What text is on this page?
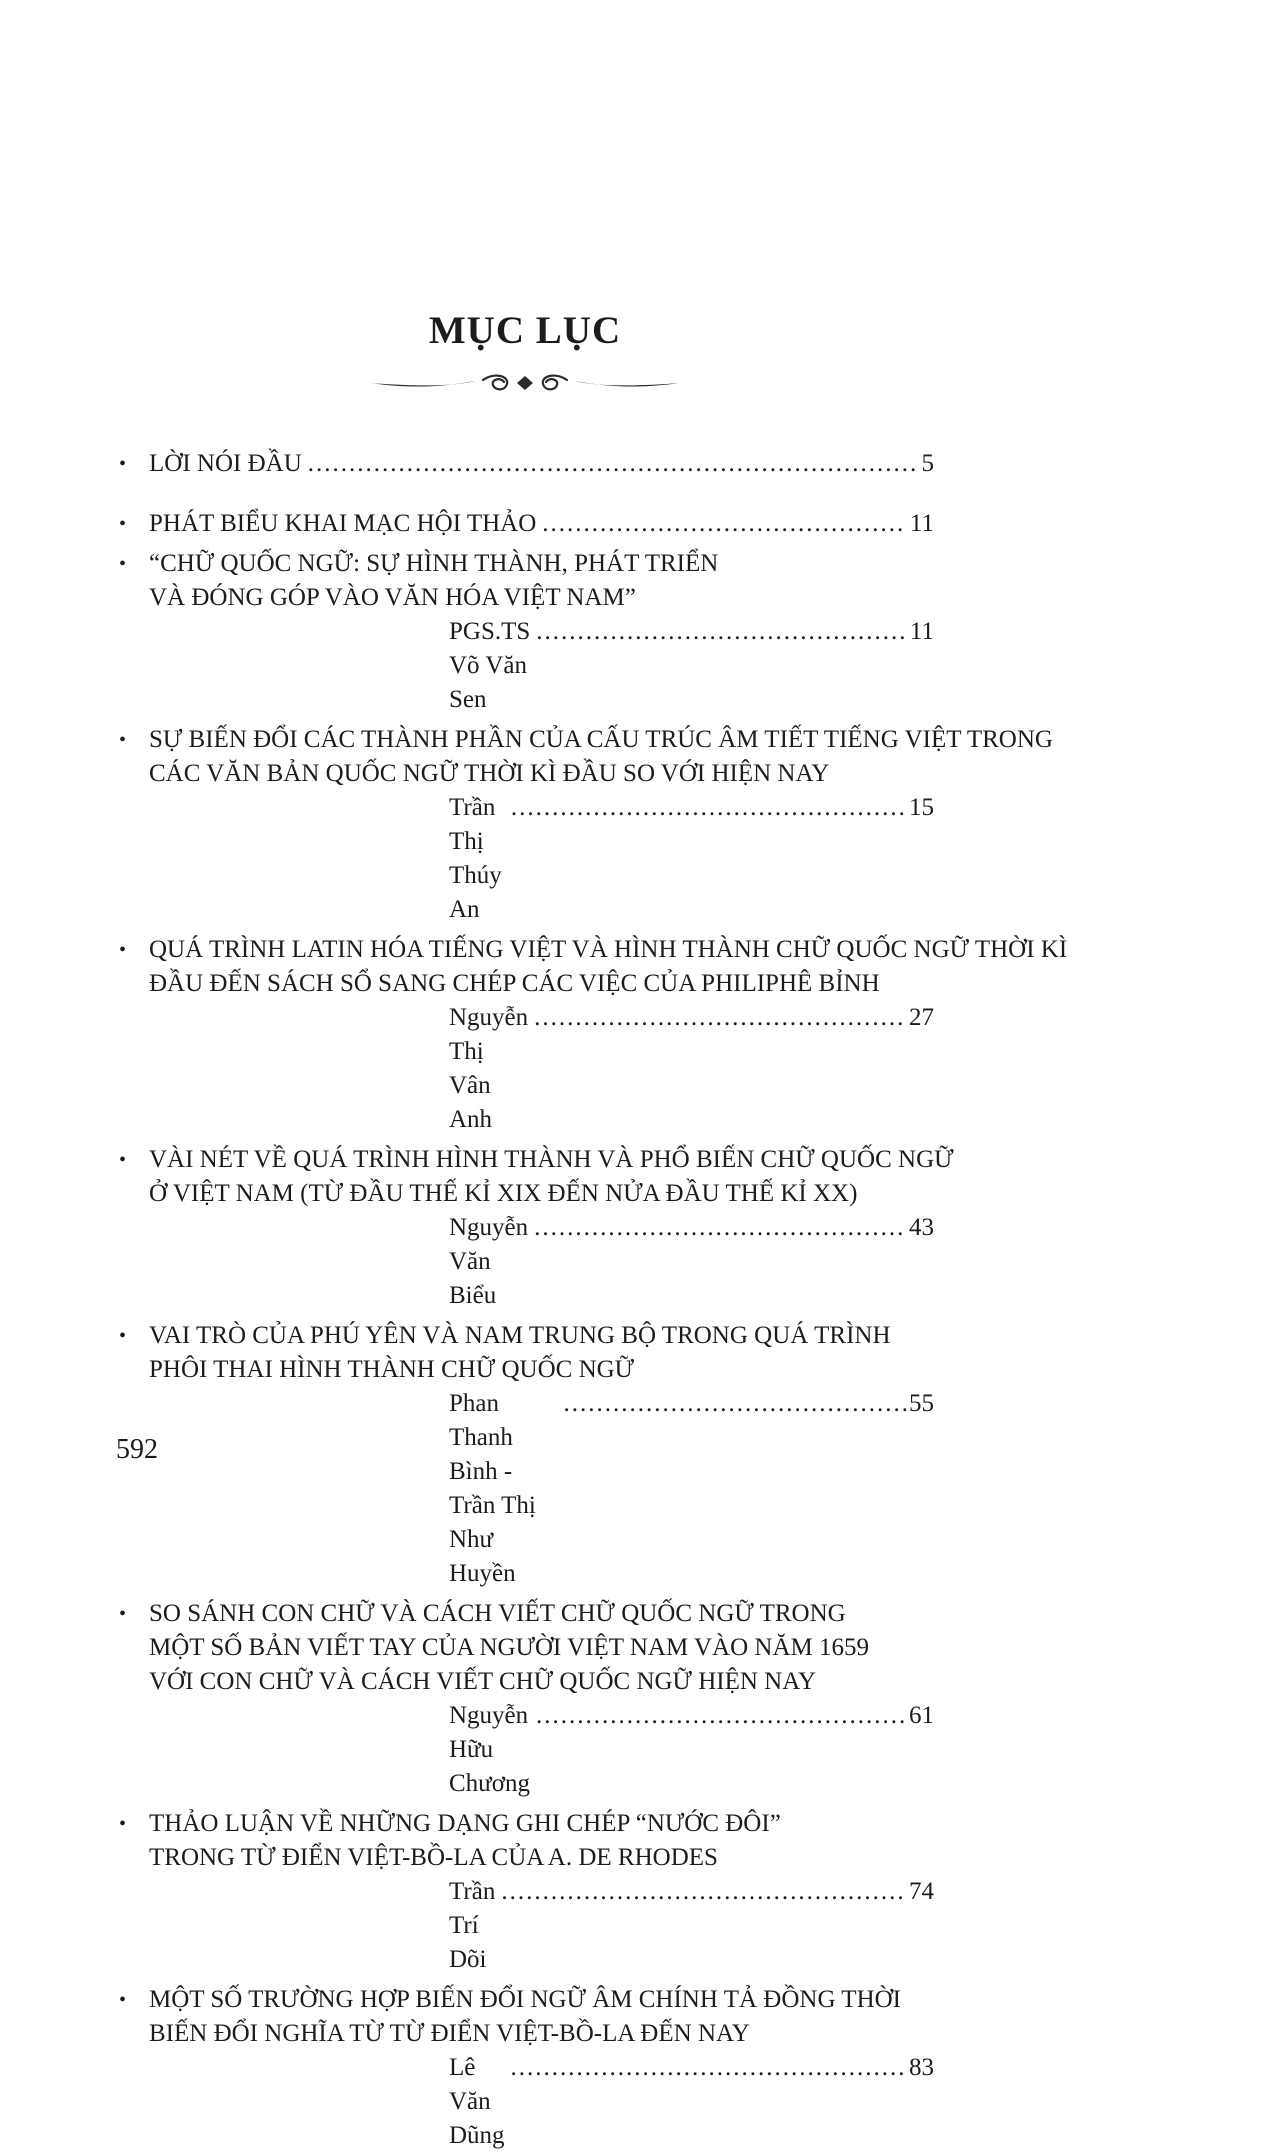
MỤC LỤC
• LỜI NÓI ĐẦU .....	5
• PHÁT BIỂU KHAI MẠC HỘI THẢO .....	11
• “CHỮ QUỐC NGỮ: SỰ HÌNH THÀNH, PHÁT TRIỂN
VÀ ĐÓNG GÓP VÀO VĂN HÓA VIỆT NAM”
PGS.TS Võ Văn Sen
.....
11
• SỰ BIẾN ĐỔI CÁC THÀNH PHẦN CỦA CẤU TRÚC ÂM TIẾT TIẾNG VIỆT TRONG
CÁC VĂN BẢN QUỐC NGỮ THỜI KÌ ĐẦU SO VỚI HIỆN NAY
Trần Thị Thúy An
.....
15
• QUÁ TRÌNH LATIN HÓA TIẾNG VIỆT VÀ HÌNH THÀNH CHỮ QUỐC NGỮ THỜI KÌ
ĐẦU ĐẾN SÁCH SỔ SANG CHÉP CÁC VIỆC CỦA PHILIPHÊ BỈNH
Nguyễn Thị Vân Anh
.....
27
• VÀI NÉT VỀ QUÁ TRÌNH HÌNH THÀNH VÀ PHỔ BIẾN CHỮ QUỐC NGỮ
Ở VIỆT NAM (TỪ ĐẦU THẾ KỈ XIX ĐẾN NỬA ĐẦU THẾ KỈ XX)
Nguyễn Văn Biểu
.....
43
• VAI TRÒ CỦA PHÚ YÊN VÀ NAM TRUNG BỘ TRONG QUÁ TRÌNH
PHÔI THAI HÌNH THÀNH CHỮ QUỐC NGỮ
Phan Thanh Bình - Trần Thị Như Huyền
.....
55
• SO SÁNH CON CHỮ VÀ CÁCH VIẾT CHỮ QUỐC NGỮ TRONG
MỘT SỐ BẢN VIẾT TAY CỦA NGƯỜI VIỆT NAM VÀO NĂM 1659
VỚI CON CHỮ VÀ CÁCH VIẾT CHỮ QUỐC NGỮ HIỆN NAY
Nguyễn Hữu Chương
.....
61
• THẢO LUẬN VỀ NHỮNG DẠNG GHI CHÉP “NƯỚC ĐÔI”
TRONG TỪ ĐIỂN VIỆT-BỒ-LA CỦA A. DE RHODES
Trần Trí Dõi
.....
74
• MỘT SỐ TRƯỜNG HỢP BIẾN ĐỔI NGỮ ÂM CHÍNH TẢ ĐỒNG THỜI
BIẾN ĐỔI NGHĨA TỪ TỪ ĐIỂN VIỆT-BỒ-LA ĐẾN NAY
Lê Văn Dũng
.....
83
592
